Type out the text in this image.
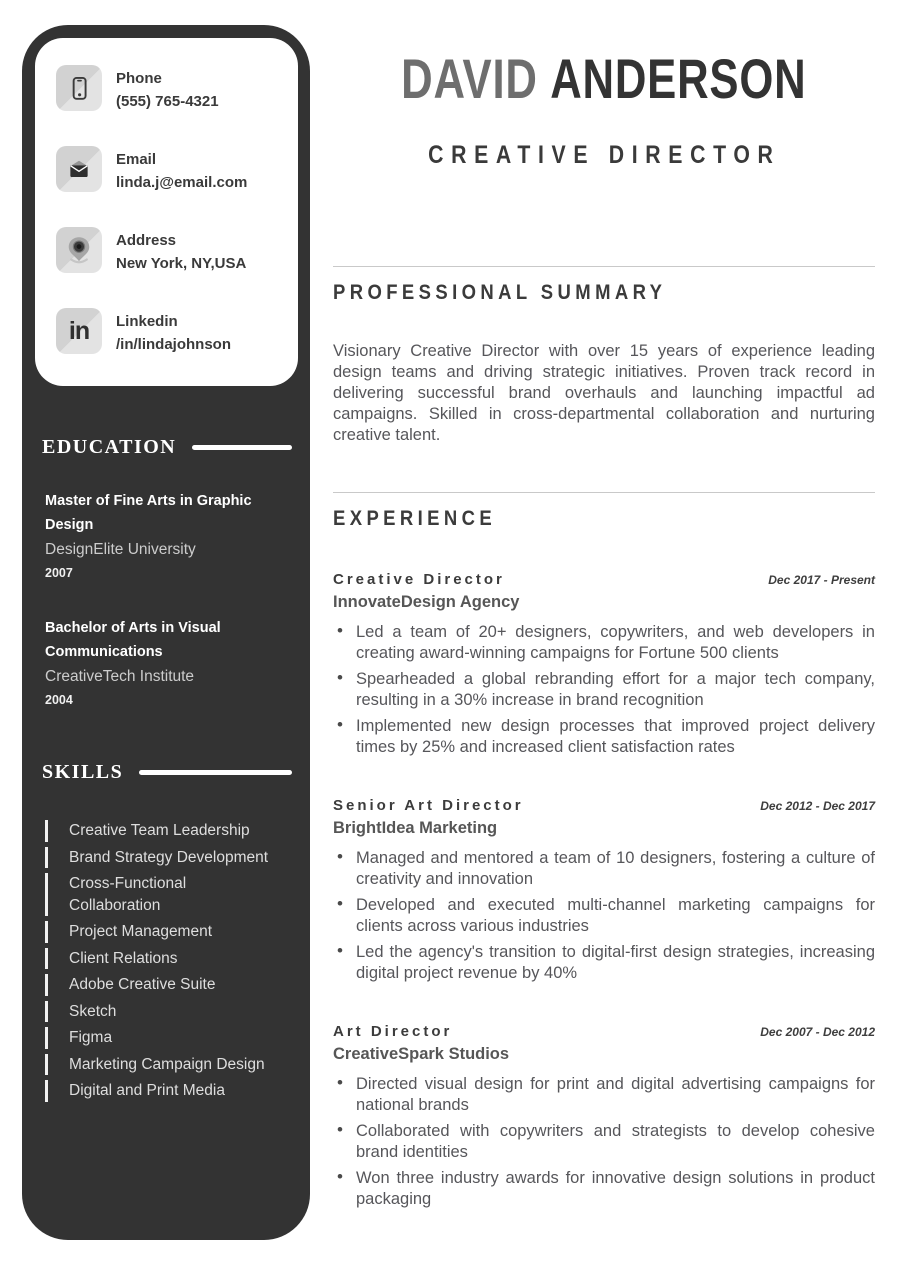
Phone
(555) 765-4321
Email
linda.j@email.com
Address
New York, NY,USA
in Linkedin
/in/lindajohnson
EDUCATION
Master of Fine Arts in Graphic Design
DesignElite University
2007
Bachelor of Arts in Visual Communications
CreativeTech Institute
2004
SKILLS
Creative Team Leadership
Brand Strategy Development
Cross-Functional Collaboration
Project Management
Client Relations
Adobe Creative Suite
Sketch
Figma
Marketing Campaign Design
Digital and Print Media
DAVID ANDERSON
CREATIVE DIRECTOR
PROFESSIONAL SUMMARY

Visionary Creative Director with over 15 years of experience leading design teams and driving strategic initiatives. Proven track record in delivering successful brand overhauls and launching impactful ad campaigns. Skilled in cross-departmental collaboration and nurturing creative talent.

EXPERIENCE
Creative Director	Dec 2017 - Present
InnovateDesign Agency
• Led a team of 20+ designers, copywriters, and web developers in creating award-winning campaigns for Fortune 500 clients
• Spearheaded a global rebranding effort for a major tech company, resulting in a 30% increase in brand recognition
• Implemented new design processes that improved project delivery times by 25% and increased client satisfaction rates
Senior Art Director	Dec 2012 - Dec 2017
BrightIdea Marketing
• Managed and mentored a team of 10 designers, fostering a culture of creativity and innovation
• Developed and executed multi-channel marketing campaigns for clients across various industries
• Led the agency's transition to digital-first design strategies, increasing digital project revenue by 40%
Art Director	Dec 2007 - Dec 2012
CreativeSpark Studios
• Directed visual design for print and digital advertising campaigns for national brands
• Collaborated with copywriters and strategists to develop cohesive brand identities
• Won three industry awards for innovative design solutions in product packaging
